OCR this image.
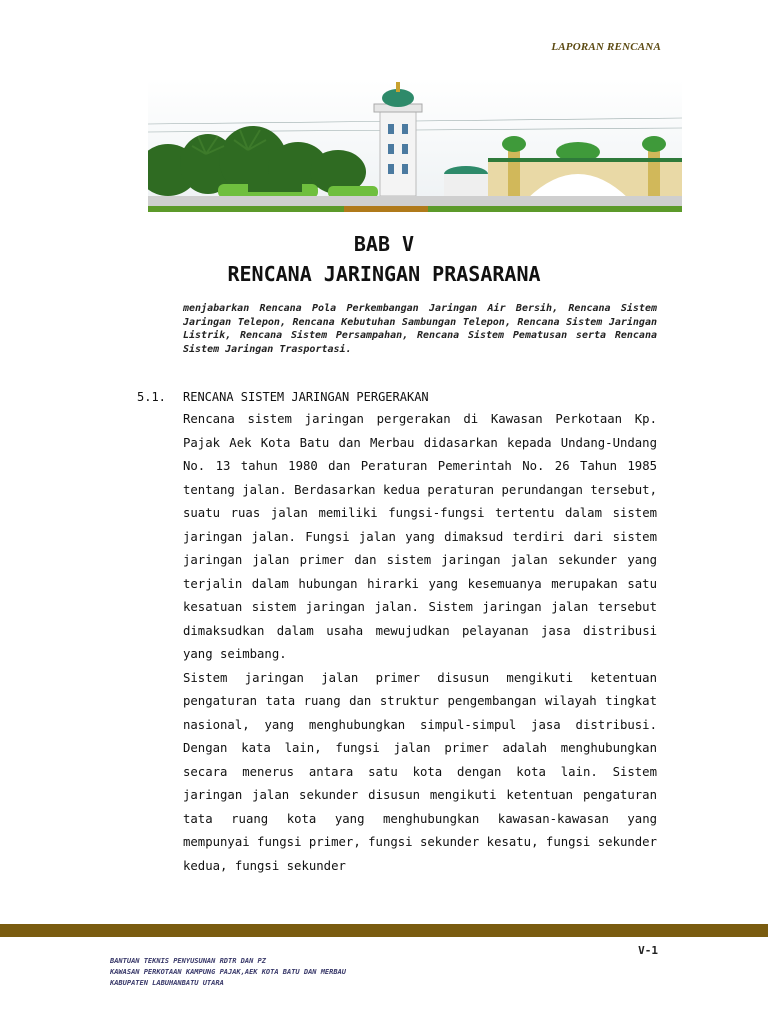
LAPORAN RENCANA
BAB V
RENCANA JARINGAN PRASARANA
menjabarkan Rencana Pola Perkembangan Jaringan Air Bersih, Rencana Sistem Jaringan Telepon, Rencana Kebutuhan Sambungan Telepon, Rencana Sistem Jaringan Listrik, Rencana Sistem Persampahan, Rencana Sistem Pematusan serta Rencana Sistem Jaringan Trasportasi.
5.1. RENCANA SISTEM JARINGAN PERGERAKAN

Rencana sistem jaringan pergerakan di Kawasan Perkotaan Kp. Pajak Aek Kota Batu dan Merbau didasarkan kepada Undang-Undang No. 13 tahun 1980 dan Peraturan Pemerintah No. 26 Tahun 1985 tentang jalan. Berdasarkan kedua peraturan perundangan tersebut, suatu ruas jalan memiliki fungsi-fungsi tertentu dalam sistem jaringan jalan. Fungsi jalan yang dimaksud terdiri dari sistem jaringan jalan primer dan sistem jaringan jalan sekunder yang terjalin dalam hubungan hirarki yang kesemuanya merupakan satu kesatuan sistem jaringan jalan. Sistem jaringan jalan tersebut dimaksudkan dalam usaha mewujudkan pelayanan jasa distribusi yang seimbang.

Sistem jaringan jalan primer disusun mengikuti ketentuan pengaturan tata ruang dan struktur pengembangan wilayah tingkat nasional, yang menghubungkan simpul-simpul jasa distribusi. Dengan kata lain, fungsi jalan primer adalah menghubungkan secara menerus antara satu kota dengan kota lain. Sistem jaringan jalan sekunder disusun mengikuti ketentuan pengaturan tata ruang kota yang menghubungkan kawasan-kawasan yang mempunyai fungsi primer, fungsi sekunder kesatu, fungsi sekunder kedua, fungsi sekunder

V-1
BANTUAN TEKNIS PENYUSUNAN RDTR DAN PZ
KAWASAN PERKOTAAN KAMPUNG PAJAK,AEK KOTA BATU DAN MERBAU
KABUPATEN LABUHANBATU UTARA
